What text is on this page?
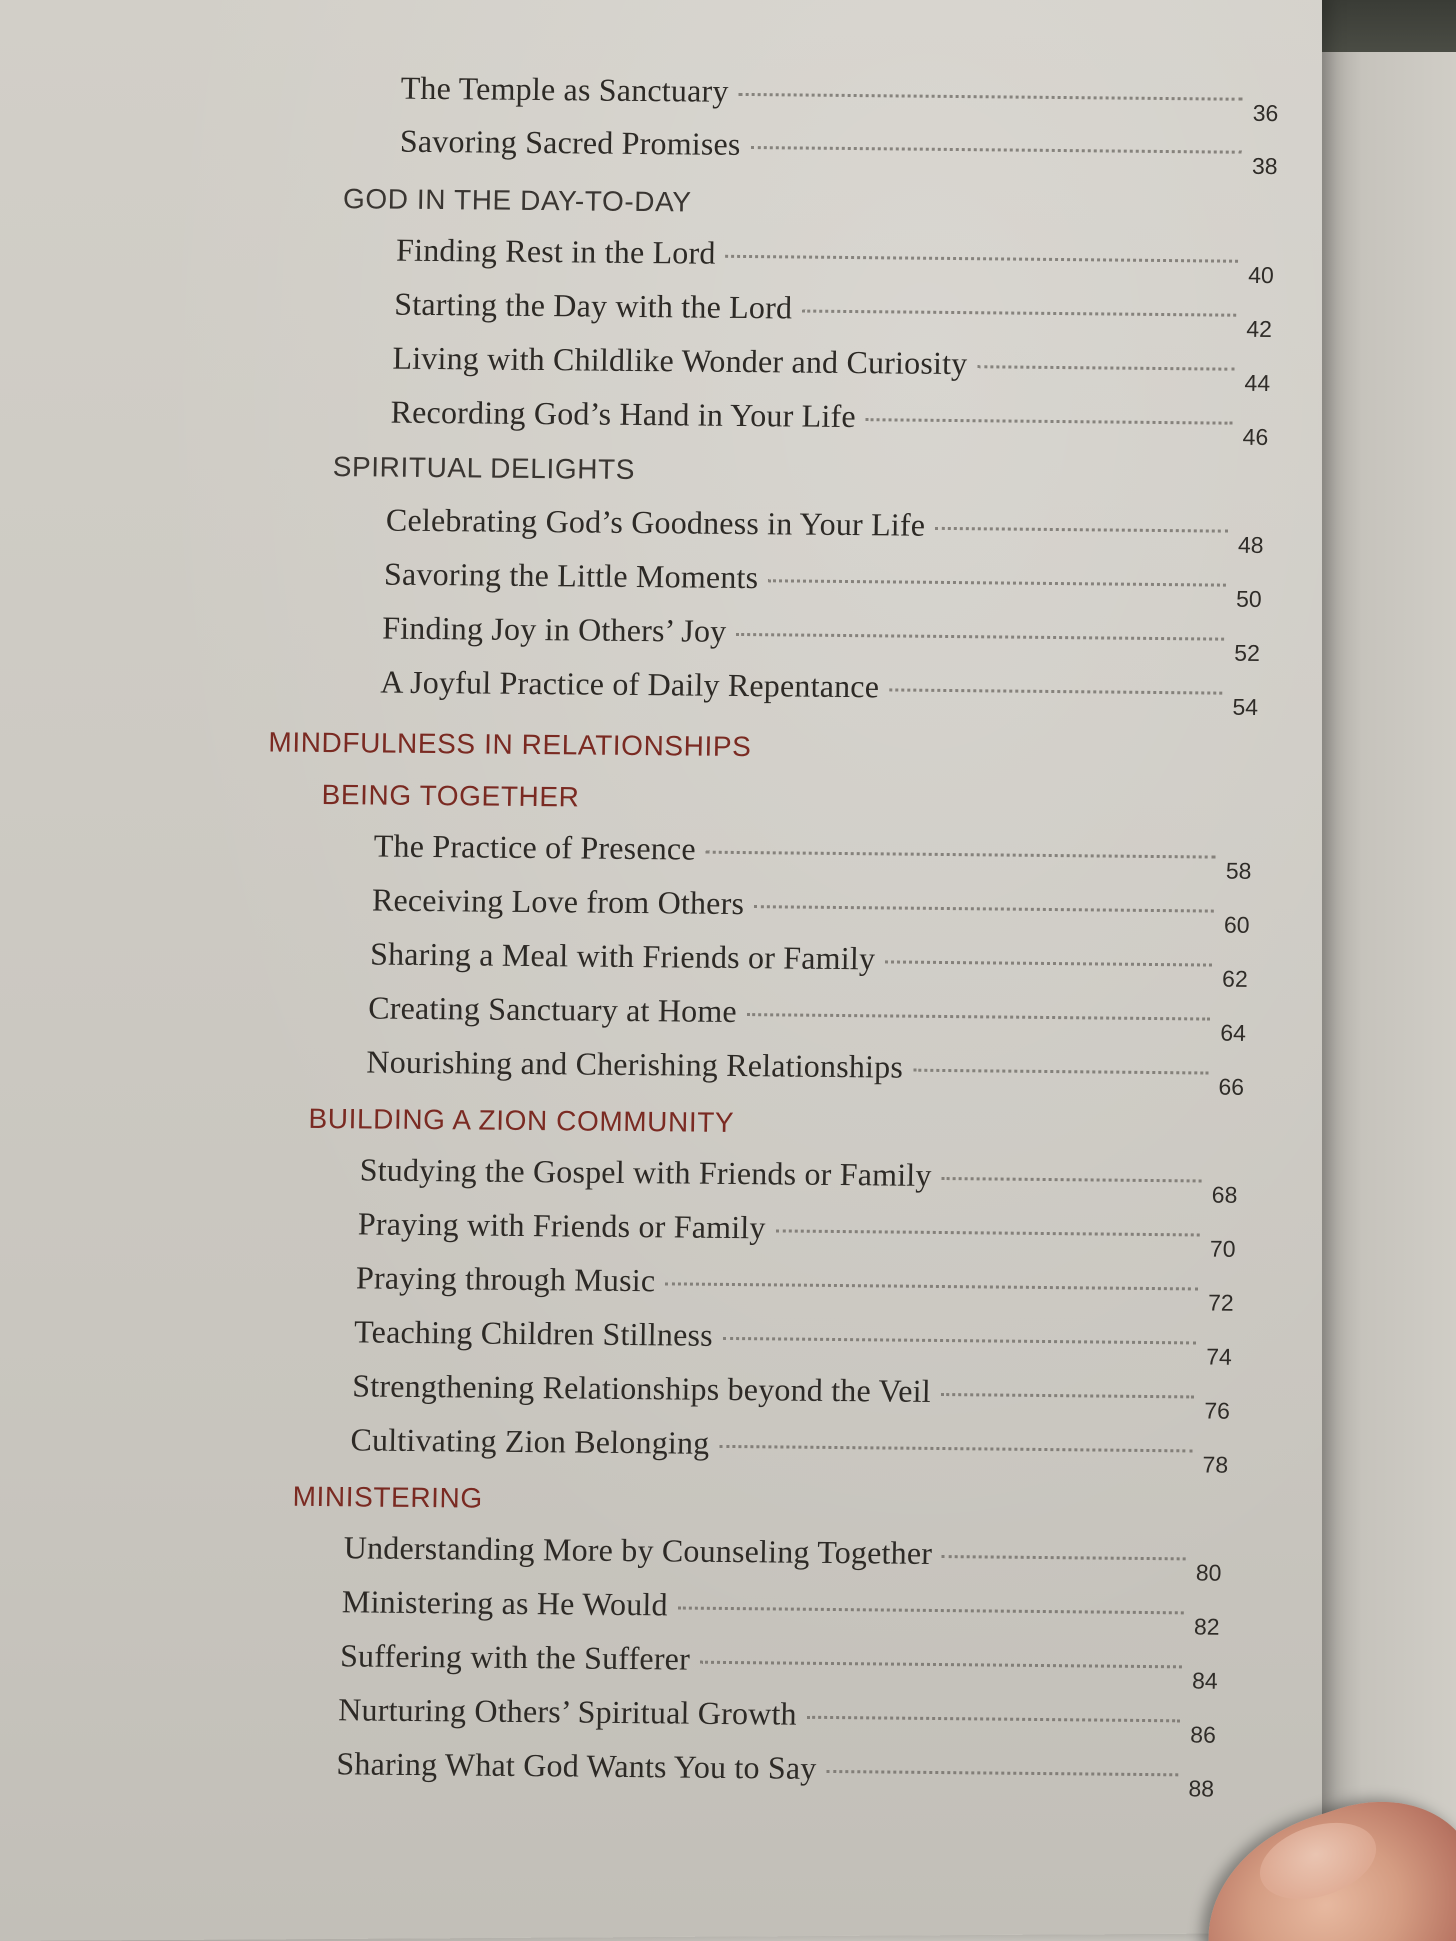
The Temple as Sanctuary
36
Savoring Sacred Promises
38
GOD IN THE DAY-TO-DAY
Finding Rest in the Lord
40
Starting the Day with the Lord
42
Living with Childlike Wonder and Curiosity
44
Recording God’s Hand in Your Life
46
SPIRITUAL DELIGHTS
Celebrating God’s Goodness in Your Life
48
Savoring the Little Moments
50
Finding Joy in Others’ Joy
52
A Joyful Practice of Daily Repentance
54
MINDFULNESS IN RELATIONSHIPS
BEING TOGETHER
The Practice of Presence
58
Receiving Love from Others
60
Sharing a Meal with Friends or Family
62
Creating Sanctuary at Home
64
Nourishing and Cherishing Relationships
66
BUILDING A ZION COMMUNITY
Studying the Gospel with Friends or Family
68
Praying with Friends or Family
70
Praying through Music
72
Teaching Children Stillness
74
Strengthening Relationships beyond the Veil
76
Cultivating Zion Belonging
78
MINISTERING
Understanding More by Counseling Together
80
Ministering as He Would
82
Suffering with the Sufferer
84
Nurturing Others’ Spiritual Growth
86
Sharing What God Wants You to Say
88
